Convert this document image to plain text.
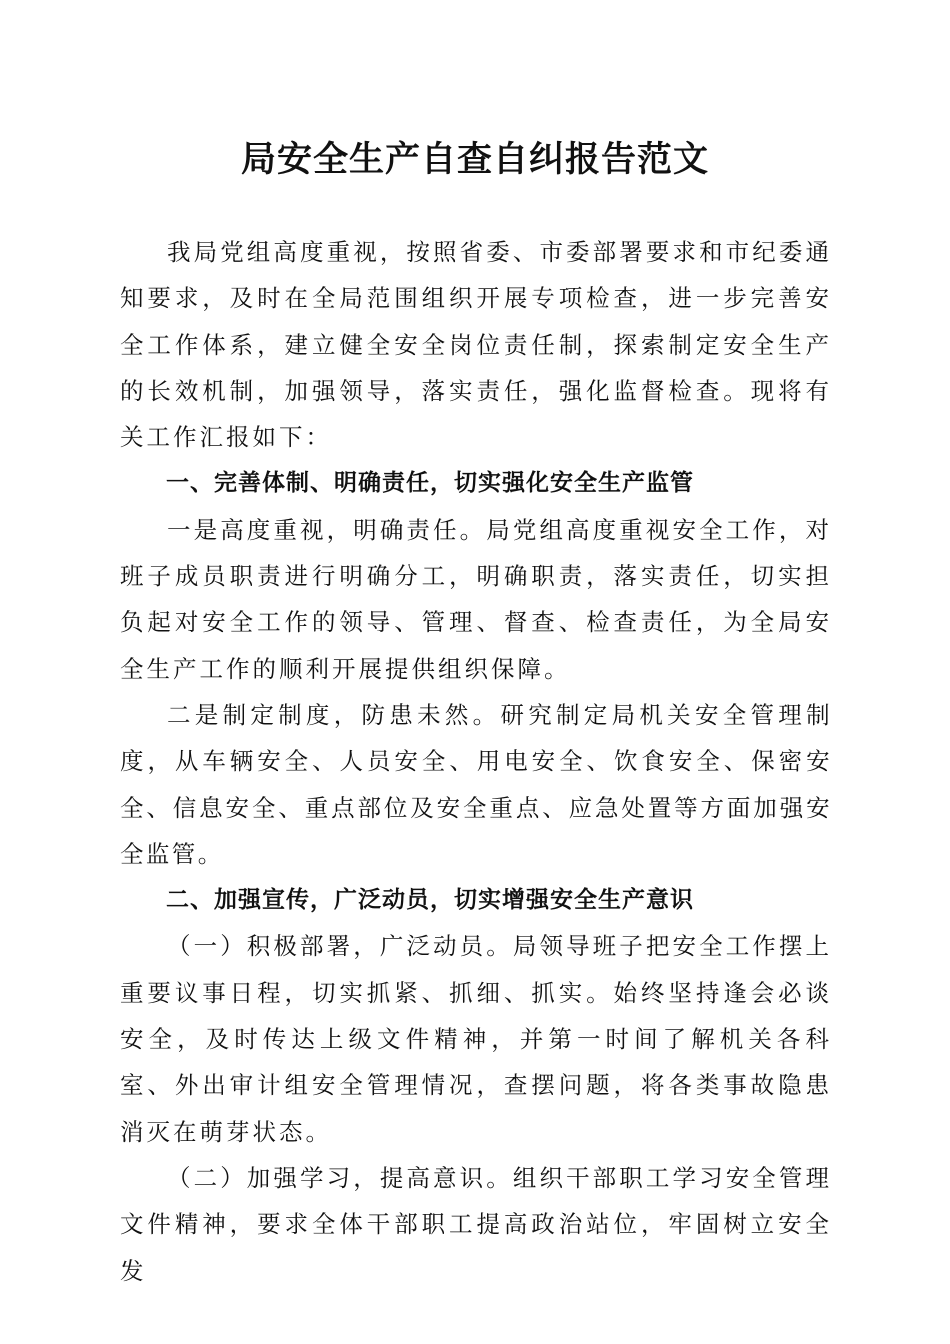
局安全生产自查自纠报告范文

我局党组高度重视，按照省委、市委部署要求和市纪委通知要求，及时在全局范围组织开展专项检查，进一步完善安全工作体系，建立健全安全岗位责任制，探索制定安全生产的长效机制，加强领导，落实责任，强化监督检查。现将有关工作汇报如下：

一、完善体制、明确责任，切实强化安全生产监管

一是高度重视，明确责任。局党组高度重视安全工作，对班子成员职责进行明确分工，明确职责，落实责任，切实担负起对安全工作的领导、管理、督查、检查责任，为全局安全生产工作的顺利开展提供组织保障。

二是制定制度，防患未然。研究制定局机关安全管理制度，从车辆安全、人员安全、用电安全、饮食安全、保密安全、信息安全、重点部位及安全重点、应急处置等方面加强安全监管。

二、加强宣传，广泛动员，切实增强安全生产意识

（一）积极部署，广泛动员。局领导班子把安全工作摆上重要议事日程，切实抓紧、抓细、抓实。始终坚持逢会必谈安全，及时传达上级文件精神，并第一时间了解机关各科室、外出审计组安全管理情况，查摆问题，将各类事故隐患消灭在萌芽状态。

（二）加强学习，提高意识。组织干部职工学习安全管理文件精神，要求全体干部职工提高政治站位，牢固树立安全发
